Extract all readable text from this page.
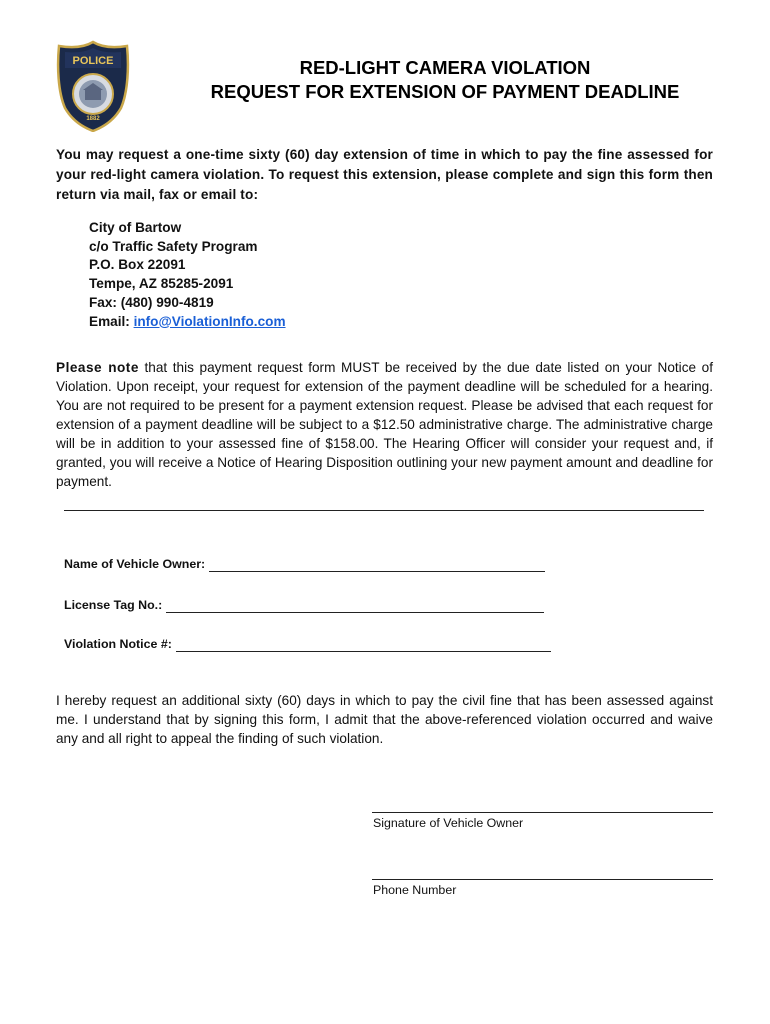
POLICE
1882
RED-LIGHT CAMERA VIOLATION
REQUEST FOR EXTENSION OF PAYMENT DEADLINE
You may request a one-time sixty (60) day extension of time in which to pay the fine assessed for your red-light camera violation. To request this extension, please complete and sign this form then return via mail, fax or email to:
City of Bartow
c/o Traffic Safety Program
P.O. Box 22091
Tempe, AZ 85285-2091
Fax: (480) 990-4819
Email: info@ViolationInfo.com
Please note that this payment request form MUST be received by the due date listed on your Notice of Violation. Upon receipt, your request for extension of the payment deadline will be scheduled for a hearing. You are not required to be present for a payment extension request. Please be advised that each request for extension of a payment deadline will be subject to a $12.50 administrative charge. The administrative charge will be in addition to your assessed fine of $158.00. The Hearing Officer will consider your request and, if granted, you will receive a Notice of Hearing Disposition outlining your new payment amount and deadline for payment.
Name of Vehicle Owner:
License Tag No.:
Violation Notice #:
I hereby request an additional sixty (60) days in which to pay the civil fine that has been assessed against me. I understand that by signing this form, I admit that the above-referenced violation occurred and waive any and all right to appeal the finding of such violation.
Signature of Vehicle Owner
Phone Number
